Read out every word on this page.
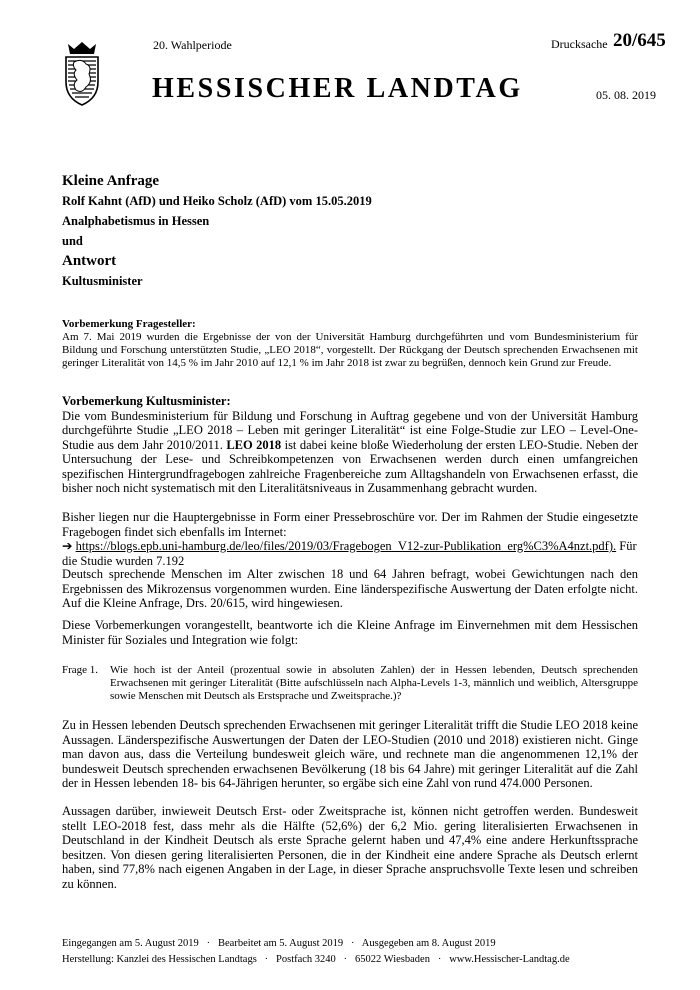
20. Wahlperiode	Drucksache 20/645
HESSISCHER LANDTAG	05. 08. 2019
Kleine Anfrage
Rolf Kahnt (AfD) und Heiko Scholz (AfD) vom 15.05.2019
Analphabetismus in Hessen
und
Antwort
Kultusminister
Vorbemerkung Fragesteller:
Am 7. Mai 2019 wurden die Ergebnisse der von der Universität Hamburg durchgeführten und vom Bundesministerium für Bildung und Forschung unterstützten Studie, „LEO 2018“, vorgestellt. Der Rückgang der Deutsch sprechenden Erwachsenen mit geringer Literalität von 14,5 % im Jahr 2010 auf 12,1 % im Jahr 2018 ist zwar zu begrüßen, dennoch kein Grund zur Freude.
Vorbemerkung Kultusminister:
Die vom Bundesministerium für Bildung und Forschung in Auftrag gegebene und von der Universität Hamburg durchgeführte Studie „LEO 2018 – Leben mit geringer Literalität“ ist eine Folge-Studie zur LEO – Level-One-Studie aus dem Jahr 2010/2011. LEO 2018 ist dabei keine bloße Wiederholung der ersten LEO-Studie. Neben der Untersuchung der Lese- und Schreibkompetenzen von Erwachsenen werden durch einen umfangreichen spezifischen Hintergrundfragebogen zahlreiche Fragenbereiche zum Alltagshandeln von Erwachsenen erfasst, die bisher noch nicht systematisch mit den Literalitätsniveaus in Zusammenhang gebracht wurden.
Bisher liegen nur die Hauptergebnisse in Form einer Pressebroschüre vor. Der im Rahmen der Studie eingesetzte Fragebogen findet sich ebenfalls im Internet:
➔ https://blogs.epb.uni-hamburg.de/leo/files/2019/03/Fragebogen_V12-zur-Publikation_erg%C3%A4nzt.pdf). Für die Studie wurden 7.192
Deutsch sprechende Menschen im Alter zwischen 18 und 64 Jahren befragt, wobei Gewichtungen nach den Ergebnissen des Mikrozensus vorgenommen wurden. Eine länderspezifische Auswertung der Daten erfolgte nicht. Auf die Kleine Anfrage, Drs. 20/615, wird hingewiesen.
Diese Vorbemerkungen vorangestellt, beantworte ich die Kleine Anfrage im Einvernehmen mit dem Hessischen Minister für Soziales und Integration wie folgt:
Frage 1. Wie hoch ist der Anteil (prozentual sowie in absoluten Zahlen) der in Hessen lebenden, Deutsch sprechenden Erwachsenen mit geringer Literalität (Bitte aufschlüsseln nach Alpha-Levels 1-3, männlich und weiblich, Altersgruppe sowie Menschen mit Deutsch als Erstsprache und Zweitsprache.)?
Zu in Hessen lebenden Deutsch sprechenden Erwachsenen mit geringer Literalität trifft die Studie LEO 2018 keine Aussagen. Länderspezifische Auswertungen der Daten der LEO-Studien (2010 und 2018) existieren nicht. Ginge man davon aus, dass die Verteilung bundesweit gleich wäre, und rechnete man die angenommenen 12,1% der bundesweit Deutsch sprechenden erwachsenen Bevölkerung (18 bis 64 Jahre) mit geringer Literalität auf die Zahl der in Hessen lebenden 18- bis 64-Jährigen herunter, so ergäbe sich eine Zahl von rund 474.000 Personen.
Aussagen darüber, inwieweit Deutsch Erst- oder Zweitsprache ist, können nicht getroffen werden. Bundesweit stellt LEO-2018 fest, dass mehr als die Hälfte (52,6%) der 6,2 Mio. gering literalisierten Erwachsenen in Deutschland in der Kindheit Deutsch als erste Sprache gelernt haben und 47,4% eine andere Herkunftssprache besitzen. Von diesen gering literalisierten Personen, die in der Kindheit eine andere Sprache als Deutsch erlernt haben, sind 77,8% nach eigenen Angaben in der Lage, in dieser Sprache anspruchsvolle Texte lesen und schreiben zu können.
Eingegangen am 5. August 2019   ·   Bearbeitet am 5. August 2019   ·   Ausgegeben am 8. August 2019
Herstellung: Kanzlei des Hessischen Landtags   ·   Postfach 3240   ·   65022 Wiesbaden   ·   www.Hessischer-Landtag.de
